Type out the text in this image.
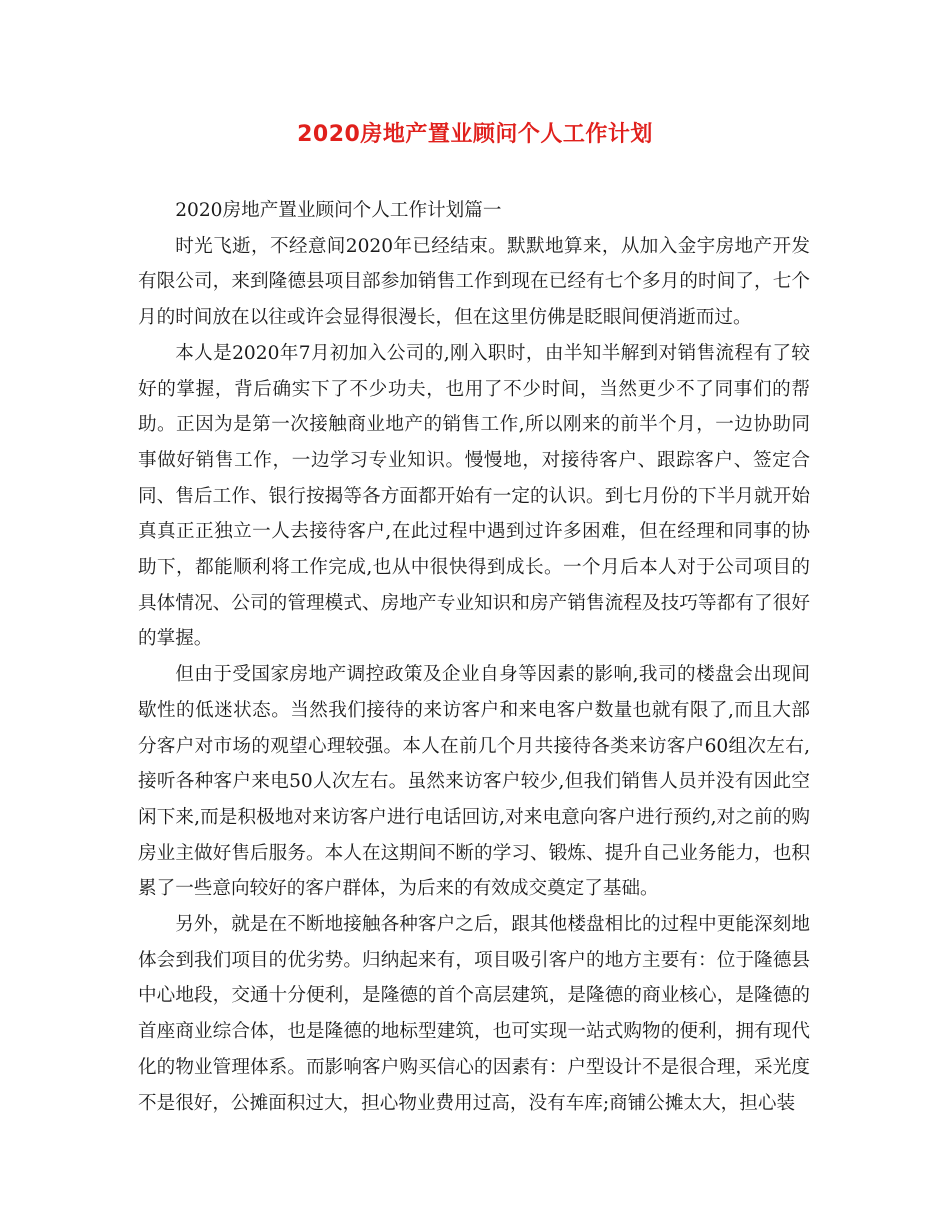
2020房地产置业顾问个人工作计划

2020房地产置业顾问个人工作计划篇一

时光飞逝，不经意间2020年已经结束。默默地算来，从加入金宇房地产开发有限公司，来到隆德县项目部参加销售工作到现在已经有七个多月的时间了，七个月的时间放在以往或许会显得很漫长，但在这里仿佛是眨眼间便消逝而过。

本人是2020年7月初加入公司的,刚入职时，由半知半解到对销售流程有了较好的掌握，背后确实下了不少功夫，也用了不少时间，当然更少不了同事们的帮助。正因为是第一次接触商业地产的销售工作,所以刚来的前半个月，一边协助同事做好销售工作，一边学习专业知识。慢慢地，对接待客户、跟踪客户、签定合同、售后工作、银行按揭等各方面都开始有一定的认识。到七月份的下半月就开始真真正正独立一人去接待客户,在此过程中遇到过许多困难，但在经理和同事的协助下，都能顺利将工作完成,也从中很快得到成长。一个月后本人对于公司项目的具体情况、公司的管理模式、房地产专业知识和房产销售流程及技巧等都有了很好的掌握。

但由于受国家房地产调控政策及企业自身等因素的影响,我司的楼盘会出现间歇性的低迷状态。当然我们接待的来访客户和来电客户数量也就有限了,而且大部分客户对市场的观望心理较强。本人在前几个月共接待各类来访客户60组次左右,接听各种客户来电50人次左右。虽然来访客户较少,但我们销售人员并没有因此空闲下来,而是积极地对来访客户进行电话回访,对来电意向客户进行预约,对之前的购房业主做好售后服务。本人在这期间不断的学习、锻炼、提升自己业务能力，也积累了一些意向较好的客户群体，为后来的有效成交奠定了基础。

另外，就是在不断地接触各种客户之后，跟其他楼盘相比的过程中更能深刻地体会到我们项目的优劣势。归纳起来有，项目吸引客户的地方主要有：位于隆德县中心地段，交通十分便利，是隆德的首个高层建筑，是隆德的商业核心，是隆德的首座商业综合体，也是隆德的地标型建筑，也可实现一站式购物的便利，拥有现代化的物业管理体系。而影响客户购买信心的因素有：户型设计不是很合理，采光度不是很好，公摊面积过大，担心物业费用过高，没有车库;商铺公摊太大，担心装
